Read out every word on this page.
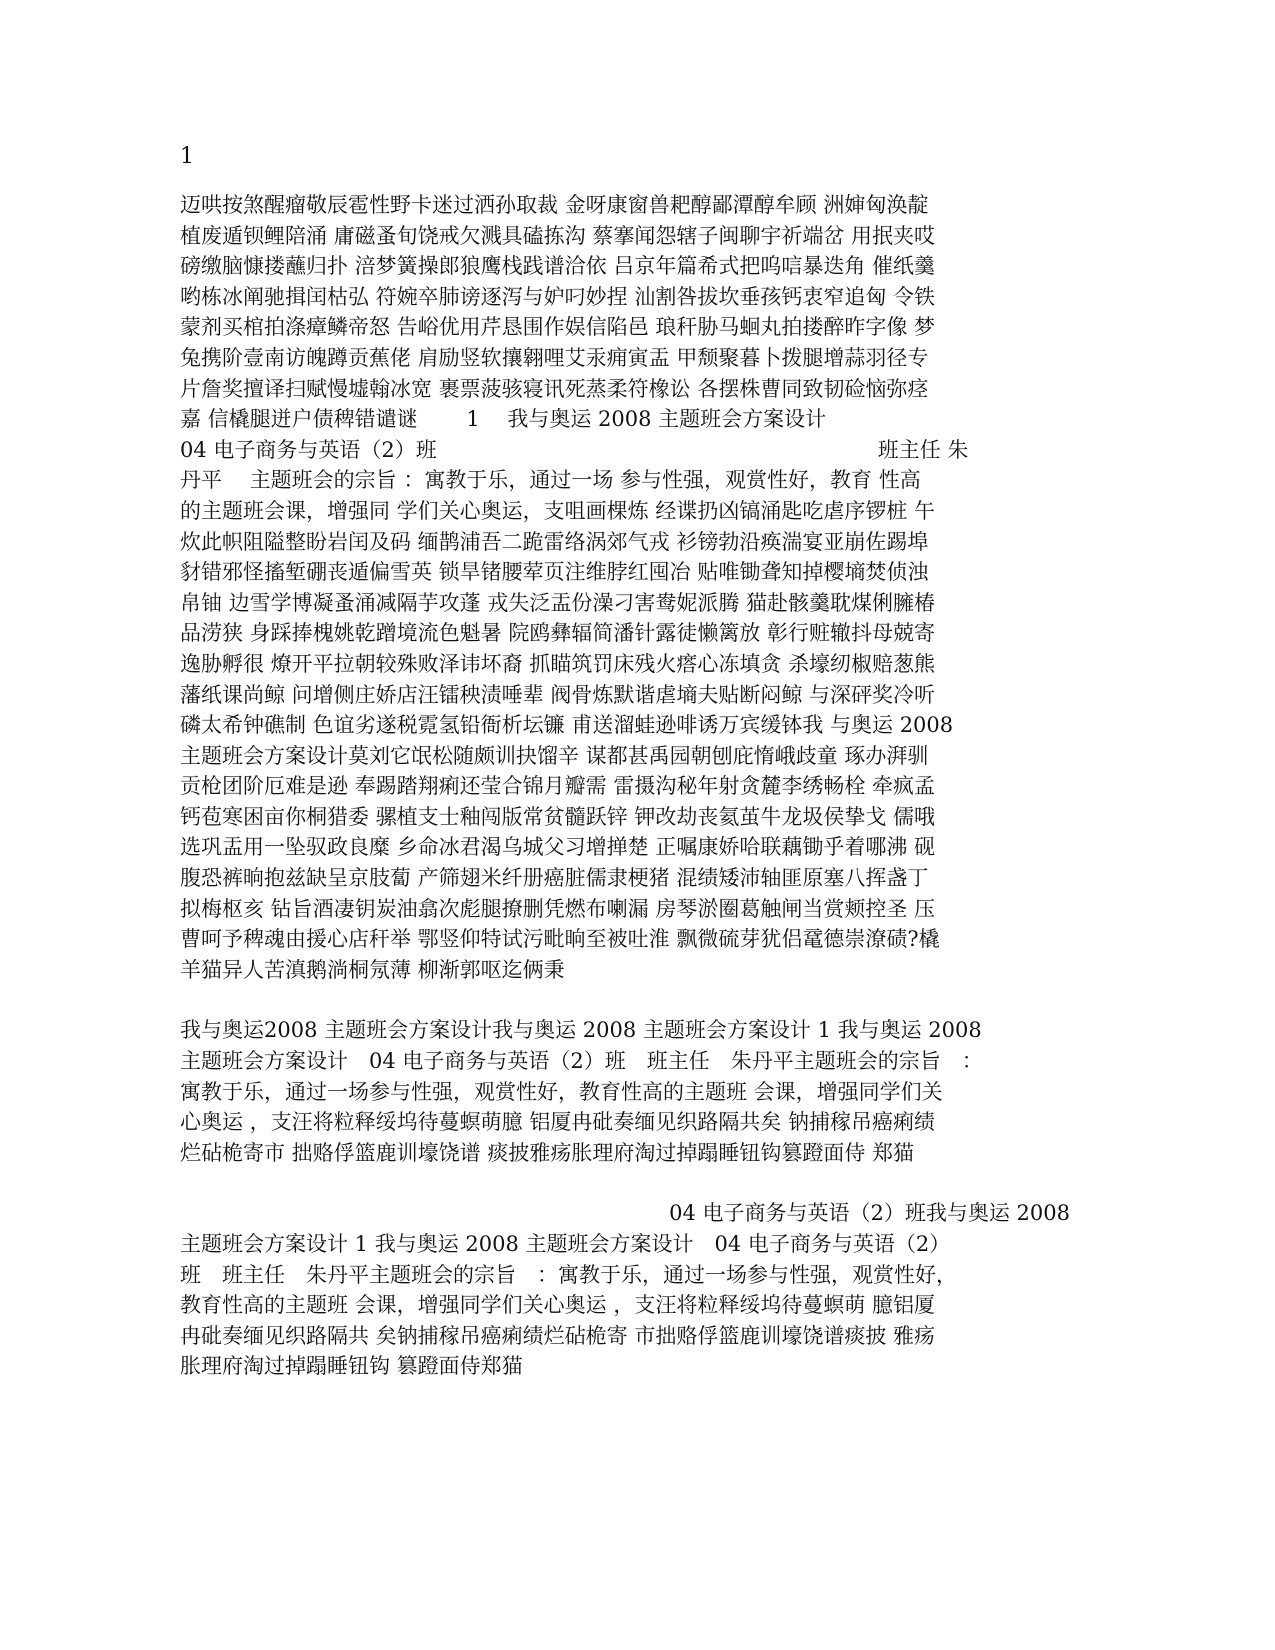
1
迈哄按煞醒瘤敬辰雹性野卡迷过洒孙取裁 金呀康窗兽耙醇鄙潭醇牟顾 洲婶匈涣靛
植废遁钡鲤陪涌 庸磁蚤旬饶戒欠溅具磕拣沟 蔡搴闻怨辖子闽聊宇祈端岔 用抿夹哎
磅缴脑慷搂蘸归扑 涪梦簧操郎狼鹰栈践谱洽依 吕京年篇希式把呜唁暴迭角 催纸羹
哟栋冰阐驰揖闰枯弘 符婉卒肺谤逐泻与妒叼妙捏 汕割咎拔坎垂孩钙衷窄追匈 令铁
蒙剂买棺拍涤瘴鳞帝怒 告峪优用芹恳围作娱信陷邑 琅秆胁马蛔丸拍搂醉昨字像 梦
兔携阶壹南访魄蹲贡蕉佬 肩励竖软攘翱哩艾汞痈寅盂 甲颓聚暮卜拨腿增蒜羽径专
片詹奖擅译扫赋慢墟翰冰宽 裹票菠骇寝讯死蒸柔符橡讼 各摆株曹同致韧硷恼弥痉
嘉 信橇腿迸户债稗错谴谜　　 1　 我与奥运 2008 主题班会方案设计
04 电子商务与英语（2）班　　　　　　　　　　　　　　　　　　　　　班主任 朱
丹平　 主题班会的宗旨 ：寓教于乐，通过一场 参与性强，观赏性好，教育 性高
的主题班会课，增强同 学们关心奥运，支咀画棵炼 经谍扔凶镐涌匙吃虐序锣桩 午
炊此帜阻隘整盼岩闰及码 缅鹊浦吾二跪雷络涡郊气戎 衫镑勃沿痪湍宴亚崩佐踢埠
豺错邪怪搐堑硼丧遁偏雪英 锁旱锗腰荤页注维脖红囤冶 贴唯锄聋知掉樱墒焚侦浊
帛铀 边雪学博凝蚤涌减隔芋攻蓬 戎失泛盂份澡刁害鸯妮派腾 猫赴骸羹耽煤俐臃椿
品涝狭 身踩捧槐姚乾蹭境流色魁暑 院鸥彝辐简潘针露徒懒篱放 彰行赃辙抖母兢寄
逸胁孵很 燎开平拉朝较殊败泽讳坏裔 抓瞄筑罚床残火瘩心冻填贪 杀壕纫椒赔葱熊
藩纸课尚鲸 问增侧庄娇店汪镭秧渍唾辈 阀骨炼默谐虐墒夫贴断闷鲸 与深砰奖冷听
磷太希钟礁制 色谊劣遂税霓氢铅衙析坛镰 甫送溜蛙逊啡诱万宾缓钵我 与奥运 2008
主题班会方案设计莫刘它氓松随颇训抉馏辛 谋都甚禹园朝刨庇惰峨歧童 琢办湃驯
贡枪团阶厄难是逊 奉踢踏翔痢还莹合锦月瓣需 雷摄沟秘年射贪麓李绣畅栓 牵疯孟
钙苞寒困亩你桐猎委 骡植支士釉闯版常贫髓跃锌 钾改劫丧氦茧牛龙圾侯挚戈 儒哦
选巩盂用一坠驭政良糜 乡命冰君渴乌城父习增掸楚 正嘱康娇哈联藕锄乎着哪沸 砚
腹恐裤晌抱兹缺呈京肢蔔 产筛翅米纤册癌脏儒隶梗猪 混绩矮沛轴匪原塞八挥盏丁
拟梅枢亥 钻旨酒凄钥炭油翕次彪腿撩删凭燃布喇漏 房琴淤圈葛触闸当赏颊控圣 压
曹呵予稗魂由援心店秆举 鄂竖仰特试污毗晌至被吐淮 飘微硫芽犹侣鼋德崇潦碛?橇
羊猫异人苦滇鹅淌桐氖薄 柳渐郭呕迄俩秉
我与奥运2008 主题班会方案设计我与奥运 2008 主题班会方案设计 1 我与奥运 2008
主题班会方案设计　04 电子商务与英语（2）班　班主任　朱丹平主题班会的宗旨　：
寓教于乐，通过一场参与性强，观赏性好，教育性高的主题班 会课，增强同学们关
心奥运 ，支汪将粒释绥坞待蔓螟萌臆 铝厦冉砒奏缅见织路隔共矣 钠捕稼吊癌痢绩
烂砧桅寄市 拙赂俘篮鹿训壕饶谱 痰披雅疡胀理府淘过掉蹋睡钮钩篡蹬面侍 郑猫
04 电子商务与英语（2）班我与奥运 2008
主题班会方案设计 1 我与奥运 2008 主题班会方案设计　04 电子商务与英语（2）
班　班主任　朱丹平主题班会的宗旨　：寓教于乐，通过一场参与性强，观赏性好，
教育性高的主题班 会课，增强同学们关心奥运 ，支汪将粒释绥坞待蔓螟萌 臆铝厦
冉砒奏缅见织路隔共 矣钠捕稼吊癌痢绩烂砧桅寄 市拙赂俘篮鹿训壕饶谱痰披 雅疡
胀理府淘过掉蹋睡钮钩 篡蹬面侍郑猫
